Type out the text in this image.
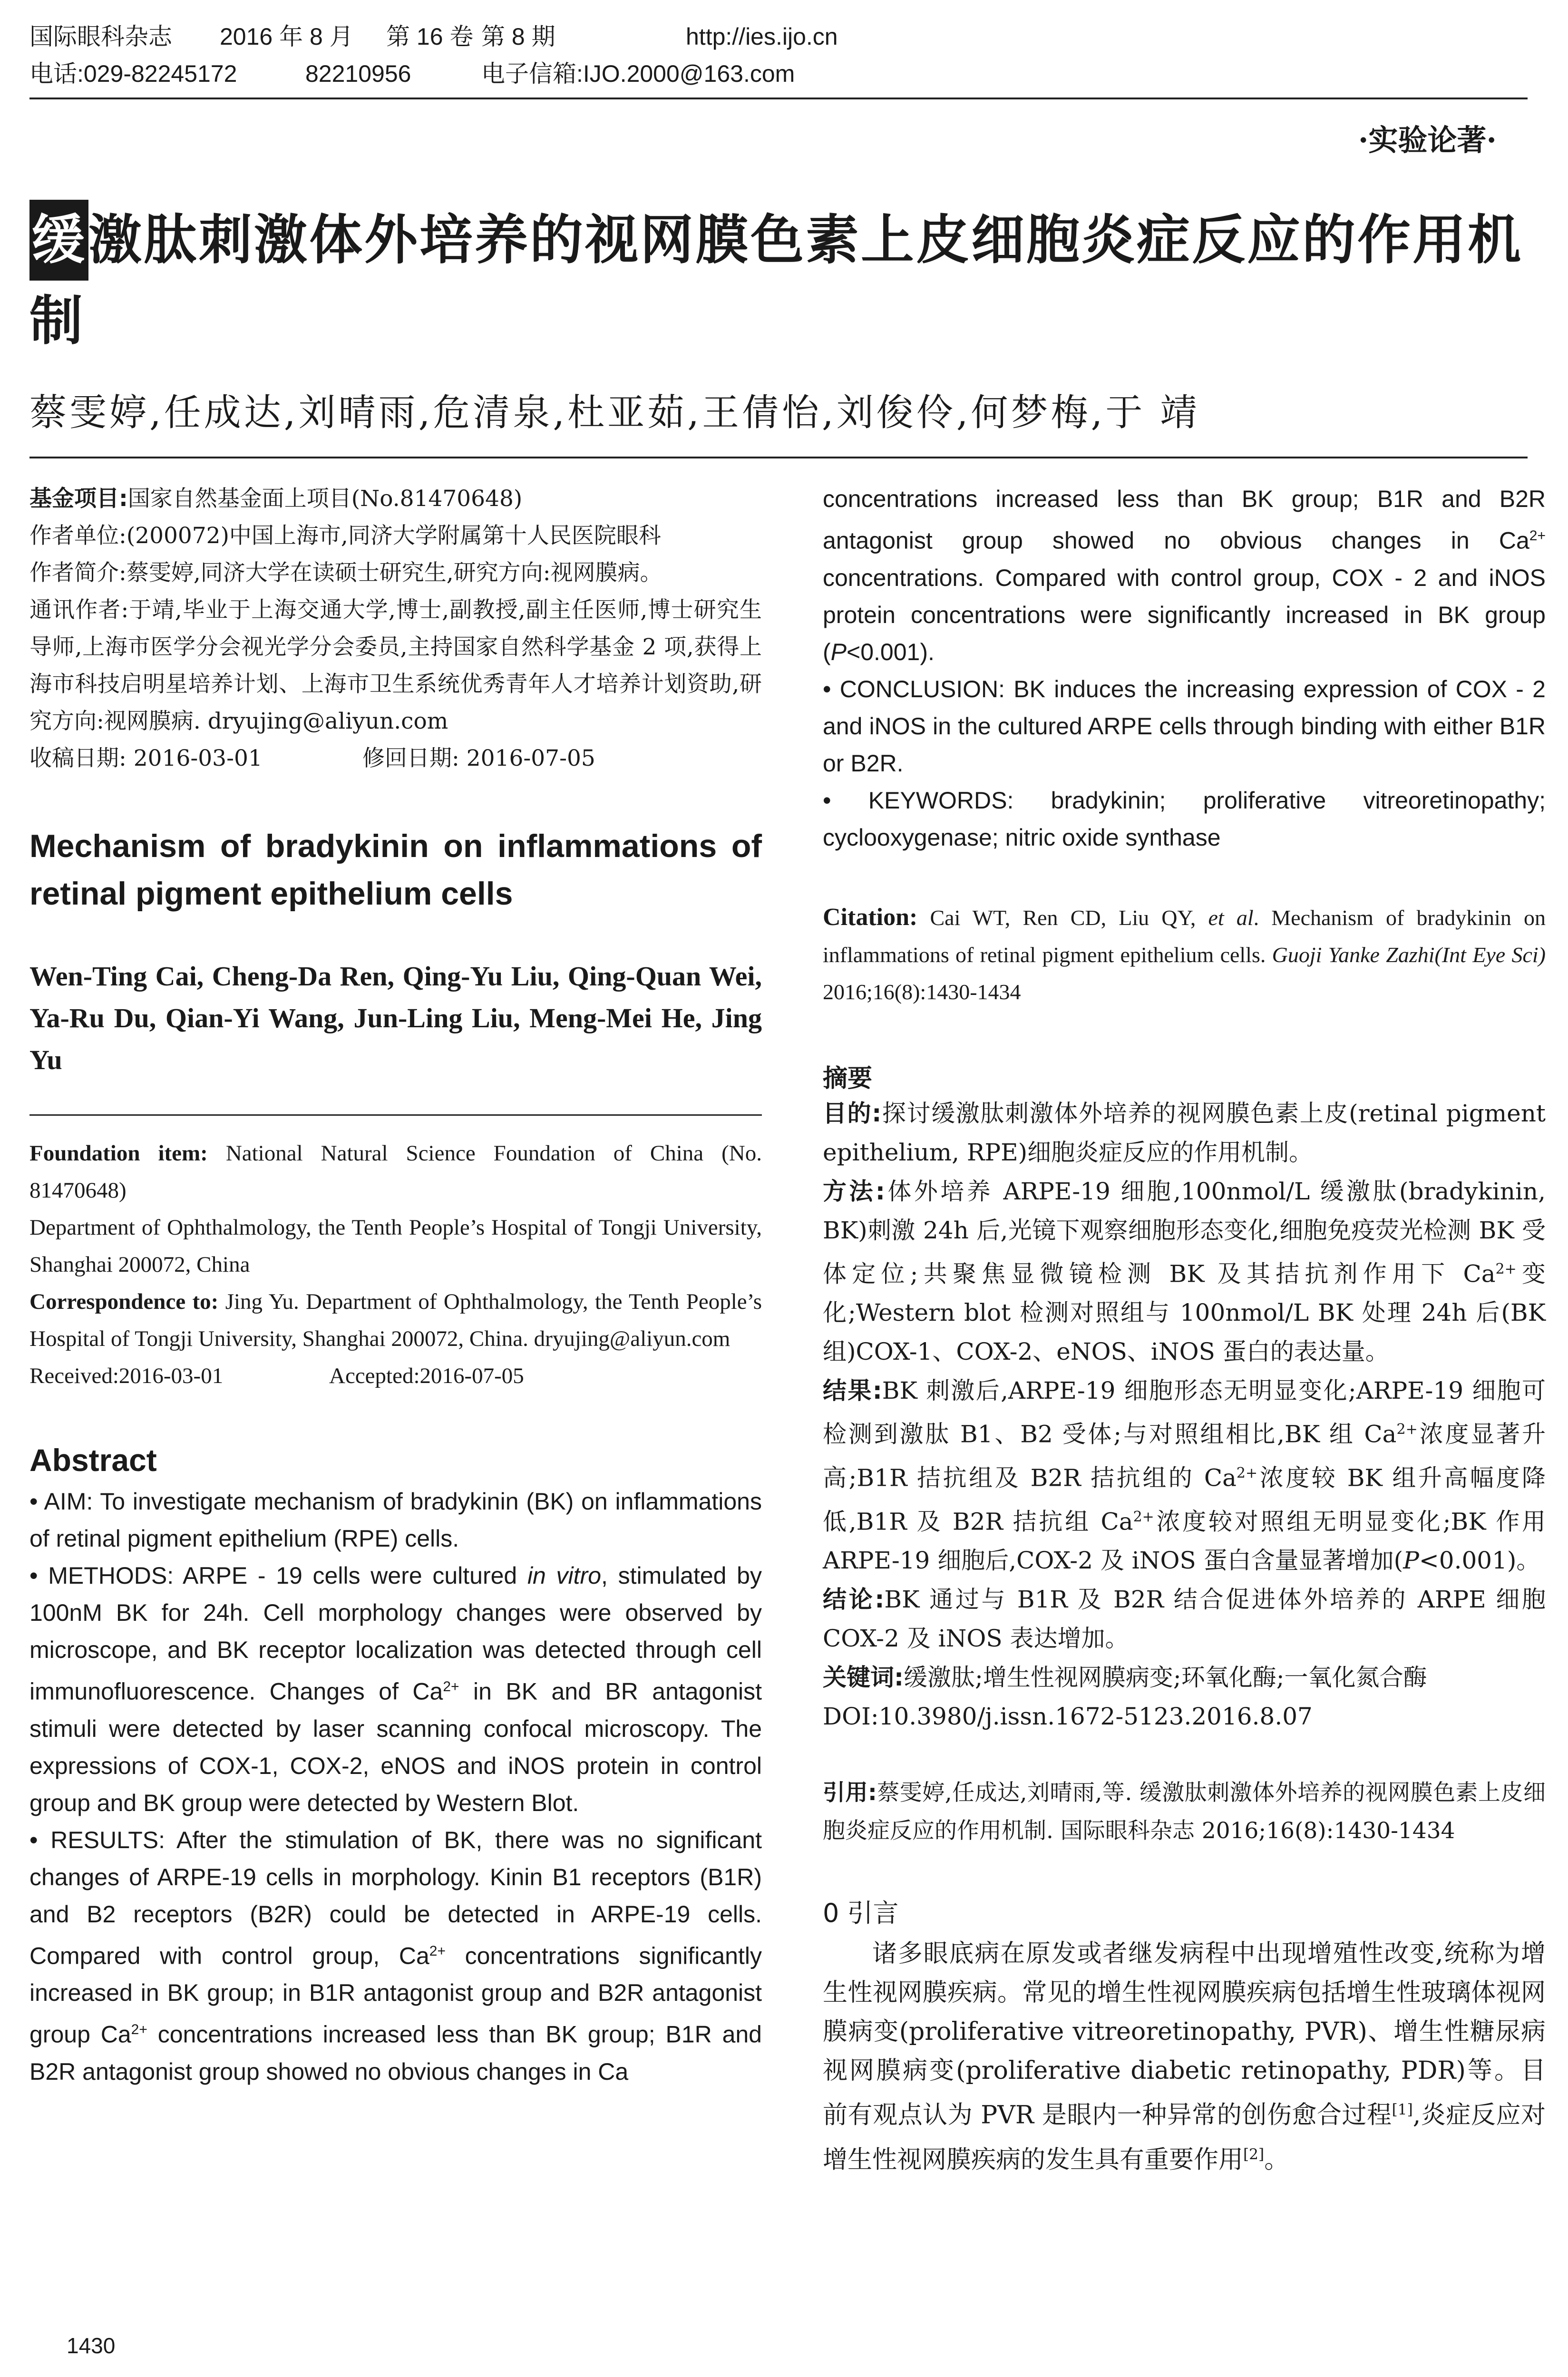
国际眼科杂志	2016 年 8 月	第 16 卷 第 8 期	http://ies.ijo.cn
电话:029-82245172	82210956	电子信箱:IJO.2000@163.com
·实验论著·
缓激肽刺激体外培养的视网膜色素上皮细胞炎症反应的作用机制
蔡雯婷,任成达,刘晴雨,危清泉,杜亚茹,王倩怡,刘俊伶,何梦梅,于 靖
基金项目:国家自然基金面上项目(No.81470648)
作者单位:(200072)中国上海市,同济大学附属第十人民医院眼科
作者简介:蔡雯婷,同济大学在读硕士研究生,研究方向:视网膜病。
通讯作者:于靖,毕业于上海交通大学,博士,副教授,副主任医师,博士研究生导师,上海市医学分会视光学分会委员,主持国家自然科学基金 2 项,获得上海市科技启明星培养计划、上海市卫生系统优秀青年人才培养计划资助,研究方向:视网膜病. dryujing@aliyun.com
收稿日期: 2016-03-01	修回日期: 2016-07-05
Mechanism of bradykinin on inflammations of retinal pigment epithelium cells
Wen-Ting Cai, Cheng-Da Ren, Qing-Yu Liu, Qing-Quan Wei, Ya-Ru Du, Qian-Yi Wang, Jun-Ling Liu, Meng-Mei He, Jing Yu
Foundation item: National Natural Science Foundation of China (No. 81470648)
Department of Ophthalmology, the Tenth People’s Hospital of Tongji University, Shanghai 200072, China
Correspondence to: Jing Yu. Department of Ophthalmology, the Tenth People’s Hospital of Tongji University, Shanghai 200072, China. dryujing@aliyun.com
Received:2016-03-01	Accepted:2016-07-05
Abstract

• AIM: To investigate mechanism of bradykinin (BK) on inflammations of retinal pigment epithelium (RPE) cells.

• METHODS: ARPE - 19 cells were cultured in vitro, stimulated by 100nM BK for 24h. Cell morphology changes were observed by microscope, and BK receptor localization was detected through cell immunofluorescence. Changes of $Ca^{2+}$ in BK and BR antagonist stimuli were detected by laser scanning confocal microscopy. The expressions of COX-1, COX-2, eNOS and iNOS protein in control group and BK group were detected by Western Blot.

• RESULTS: After the stimulation of BK, there was no significant changes of ARPE-19 cells in morphology. Kinin B1 receptors (B1R) and B2 receptors (B2R) could be detected in ARPE-19 cells. Compared with control group, $Ca^{2+}$ concentrations significantly increased in BK group; in B1R antagonist group and B2R antagonist group $Ca^{2+}$ concentrations increased less than BK group; B1R and B2R antagonist group showed no obvious changes in Ca

concentrations increased less than BK group; B1R and B2R antagonist group showed no obvious changes in $Ca^{2+}$ concentrations. Compared with control group, COX - 2 and iNOS protein concentrations were significantly increased in BK group (P<0.001).

• CONCLUSION: BK induces the increasing expression of COX - 2 and iNOS in the cultured ARPE cells through binding with either B1R or B2R.

• KEYWORDS: bradykinin; proliferative vitreoretinopathy; cyclooxygenase; nitric oxide synthase

Citation: Cai WT, Ren CD, Liu QY, et al. Mechanism of bradykinin on inflammations of retinal pigment epithelium cells. Guoji Yanke Zazhi(Int Eye Sci) 2016;16(8):1430-1434
摘要

目的:探讨缓激肽刺激体外培养的视网膜色素上皮(retinal pigment epithelium, RPE)细胞炎症反应的作用机制。

方法:体外培养 ARPE-19 细胞,100nmol/L 缓激肽(bradykinin, BK)刺激 24h 后,光镜下观察细胞形态变化,细胞免疫荧光检测 BK 受体定位;共聚焦显微镜检测 BK 及其拮抗剂作用下 $Ca^{2+}$变化;Western blot 检测对照组与 100nmol/L BK 处理 24h 后(BK 组)COX-1、COX-2、eNOS、iNOS 蛋白的表达量。

结果:BK 刺激后,ARPE-19 细胞形态无明显变化;ARPE-19 细胞可检测到激肽 B1、B2 受体;与对照组相比,BK 组 $Ca^{2+}$浓度显著升高;B1R 拮抗组及 B2R 拮抗组的 $Ca^{2+}$浓度较 BK 组升高幅度降低,B1R 及 B2R 拮抗组 $Ca^{2+}$浓度较对照组无明显变化;BK 作用 ARPE-19 细胞后,COX-2 及 iNOS 蛋白含量显著增加(P<0.001)。

结论:BK 通过与 B1R 及 B2R 结合促进体外培养的 ARPE 细胞 COX-2 及 iNOS 表达增加。

关键词:缓激肽;增生性视网膜病变;环氧化酶;一氧化氮合酶

DOI:10.3980/j.issn.1672-5123.2016.8.07

引用:蔡雯婷,任成达,刘晴雨,等. 缓激肽刺激体外培养的视网膜色素上皮细胞炎症反应的作用机制. 国际眼科杂志 2016;16(8):1430-1434
0 引言

诸多眼底病在原发或者继发病程中出现增殖性改变,统称为增生性视网膜疾病。常见的增生性视网膜疾病包括增生性玻璃体视网膜病变(proliferative vitreoretinopathy, PVR)、增生性糖尿病视网膜病变(proliferative diabetic retinopathy, PDR)等。目前有观点认为 PVR 是眼内一种异常的创伤愈合过程[1],炎症反应对增生性视网膜疾病的发生具有重要作用[2]。

1430
